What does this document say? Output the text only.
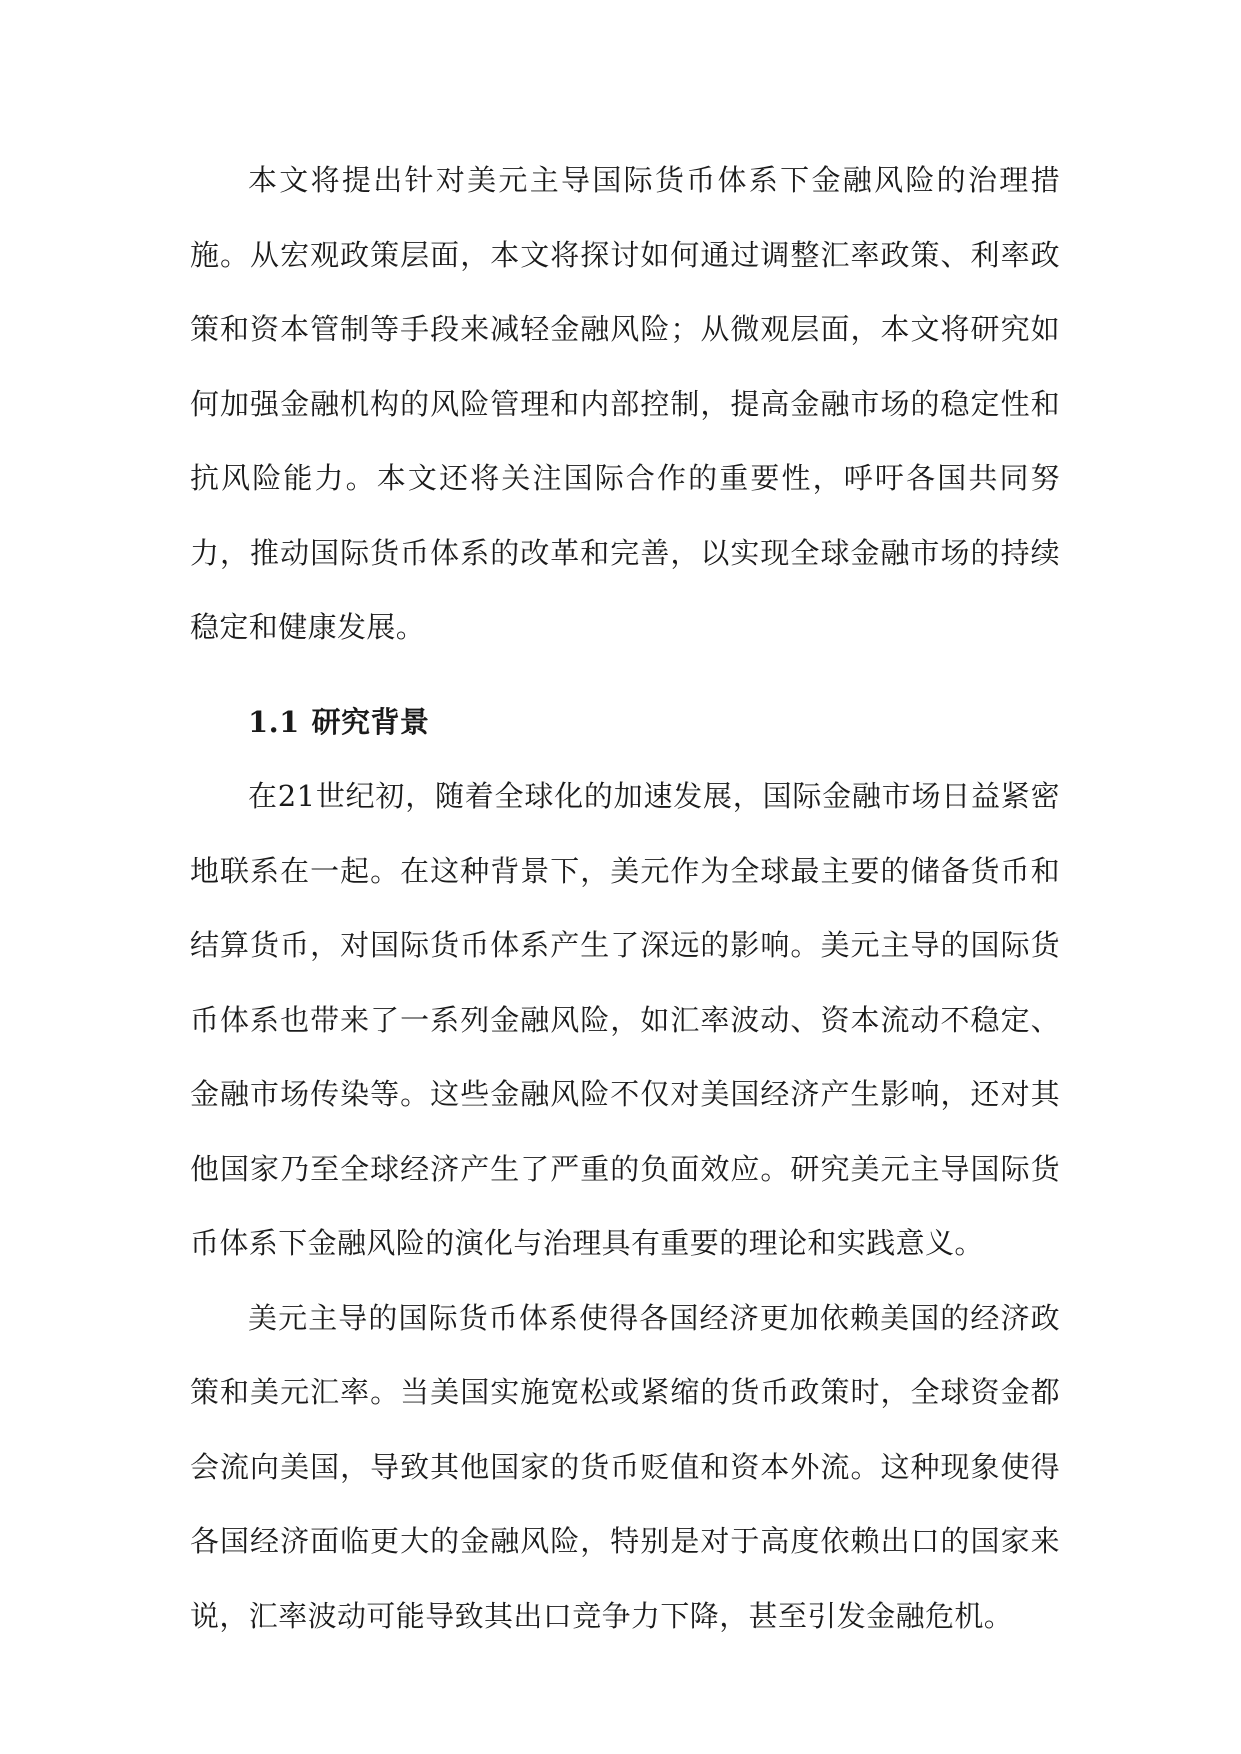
本文将提出针对美元主导国际货币体系下金融风险的治理措施。从宏观政策层面，本文将探讨如何通过调整汇率政策、利率政策和资本管制等手段来减轻金融风险；从微观层面，本文将研究如何加强金融机构的风险管理和内部控制，提高金融市场的稳定性和抗风险能力。本文还将关注国际合作的重要性，呼吁各国共同努力，推动国际货币体系的改革和完善，以实现全球金融市场的持续稳定和健康发展。

1.1 研究背景

在21世纪初，随着全球化的加速发展，国际金融市场日益紧密地联系在一起。在这种背景下，美元作为全球最主要的储备货币和结算货币，对国际货币体系产生了深远的影响。美元主导的国际货币体系也带来了一系列金融风险，如汇率波动、资本流动不稳定、金融市场传染等。这些金融风险不仅对美国经济产生影响，还对其他国家乃至全球经济产生了严重的负面效应。研究美元主导国际货币体系下金融风险的演化与治理具有重要的理论和实践意义。

美元主导的国际货币体系使得各国经济更加依赖美国的经济政策和美元汇率。当美国实施宽松或紧缩的货币政策时，全球资金都会流向美国，导致其他国家的货币贬值和资本外流。这种现象使得各国经济面临更大的金融风险，特别是对于高度依赖出口的国家来说，汇率波动可能导致其出口竞争力下降，甚至引发金融危机。
